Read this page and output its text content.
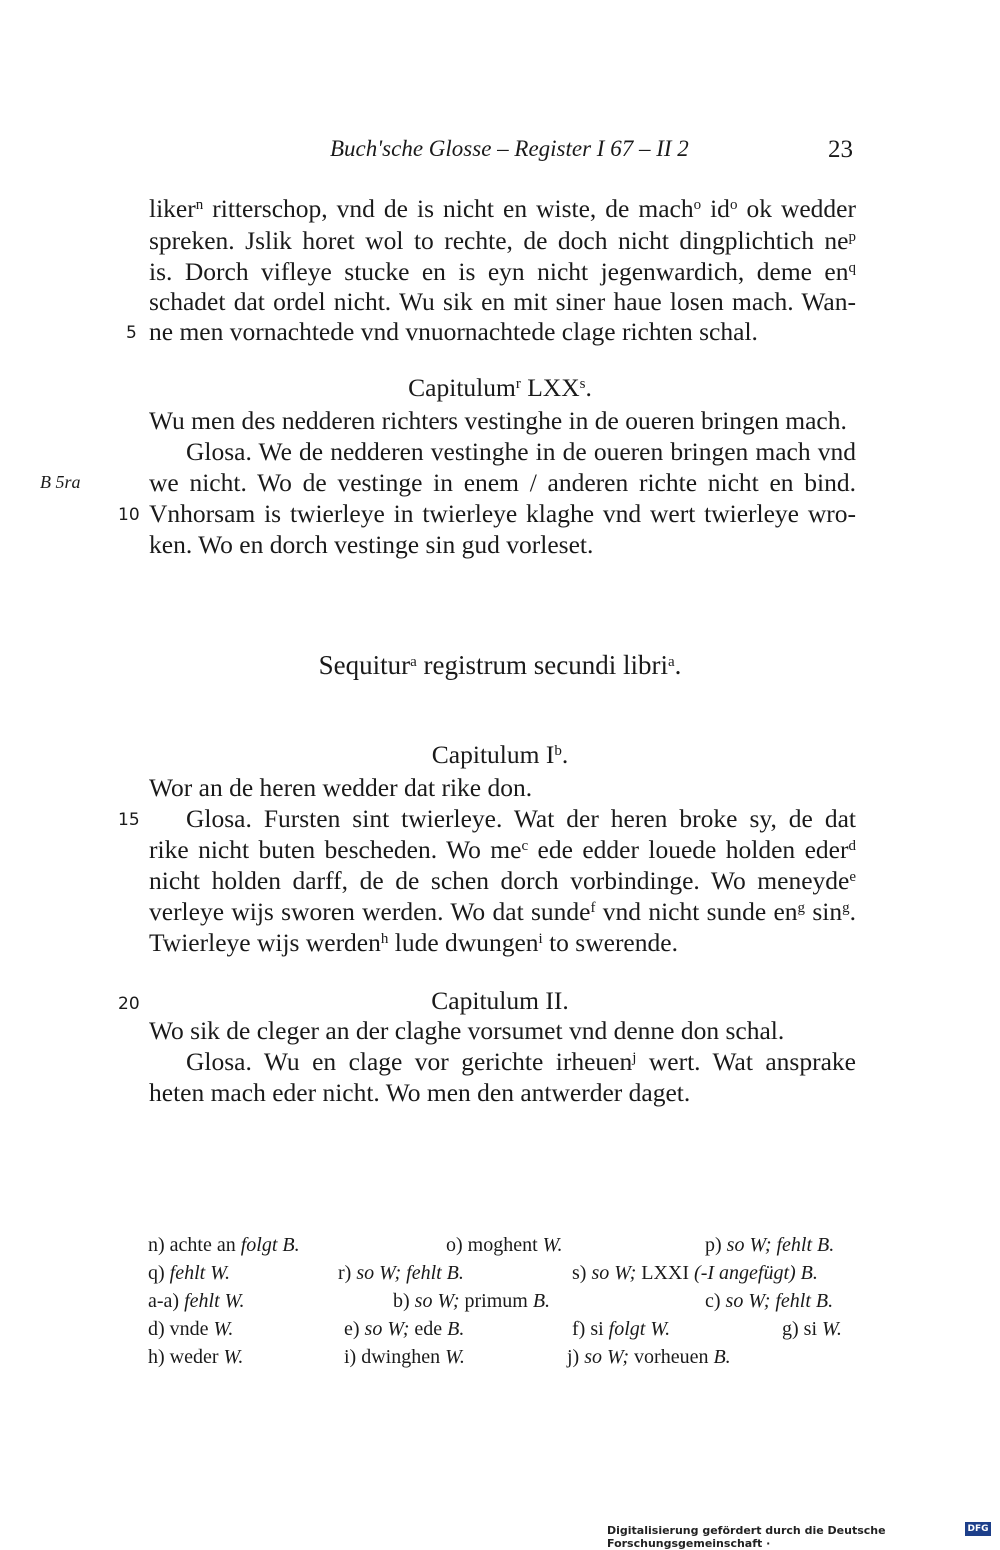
Buch'sche Glosse – Register I 67 – II 2	23
liker$^n$ ritterschop, vnd de is nicht en wiste, de mach$^o$ $id^o$ ok wedder
spreken. Jslik horet wol to rechte, de doch nicht dingplichtich $ne^p$
is. Dorch vifleye stucke en is eyn nicht jegenwardich, deme $en^q$
schadet dat ordel nicht. Wu sik en mit siner haue losen mach. Wan-
ne men vornachtede vnd vnuornachtede clage richten schal.
5
Capitulum$^r$ LXX$^s$.
Wu men des nedderen richters vestinghe in de oueren bringen mach.
Glosa. We de nedderen vestinghe in de oueren bringen mach vnd
B 5ra	we nicht. Wo de vestinge in enem / anderen richte nicht en bind.
10 Vnhorsam is twierleye in twierleye klaghe vnd wert twierleye wro-
ken. Wo en dorch vestinge sin gud vorleset.
Sequitur$^a$ registrum secundi libri$^a$.
Capitulum $I^b$.
Wor an de heren wedder dat rike don.
15	Glosa. Fursten sint twierleye. Wat der heren broke sy, de dat
rike nicht buten bescheden. Wo $me^c$ ede edder louede holden eder$^d$
nicht holden darff, de de schen dorch vorbindinge. Wo meneyde$^e$
verleye wijs sworen werden. Wo dat sunde$^f$ vnd nicht sunde $en^g$ $\sin^g$.
Twierleye wijs werden$^h$ lude dwungen$^i$ to swerende.
20	Capitulum II.
Wo sik de cleger an der claghe vorsumet vnd denne don schal.
Glosa. Wu en clage vor gerichte irheuen$^j$ wert. Wat ansprake
heten mach eder nicht. Wo men den antwerder daget.
n) achte an folgt B.	o) moghent W.	p) so W; fehlt B.
q) fehlt W.	r) so W; fehlt B.	s) so W; LXXI (-I angefügt) B.
a-a) fehlt W.	b) so W; primum B.	c) so W; fehlt B.
d) vnde W.	e) so W; ede B.	f) si folgt W.	g) si W.
h) weder W.	i) dwinghen W.	j) so W; vorheuen B.
Digitalisierung gefördert durch die Deutsche Forschungsgemeinschaft ·
DFG
